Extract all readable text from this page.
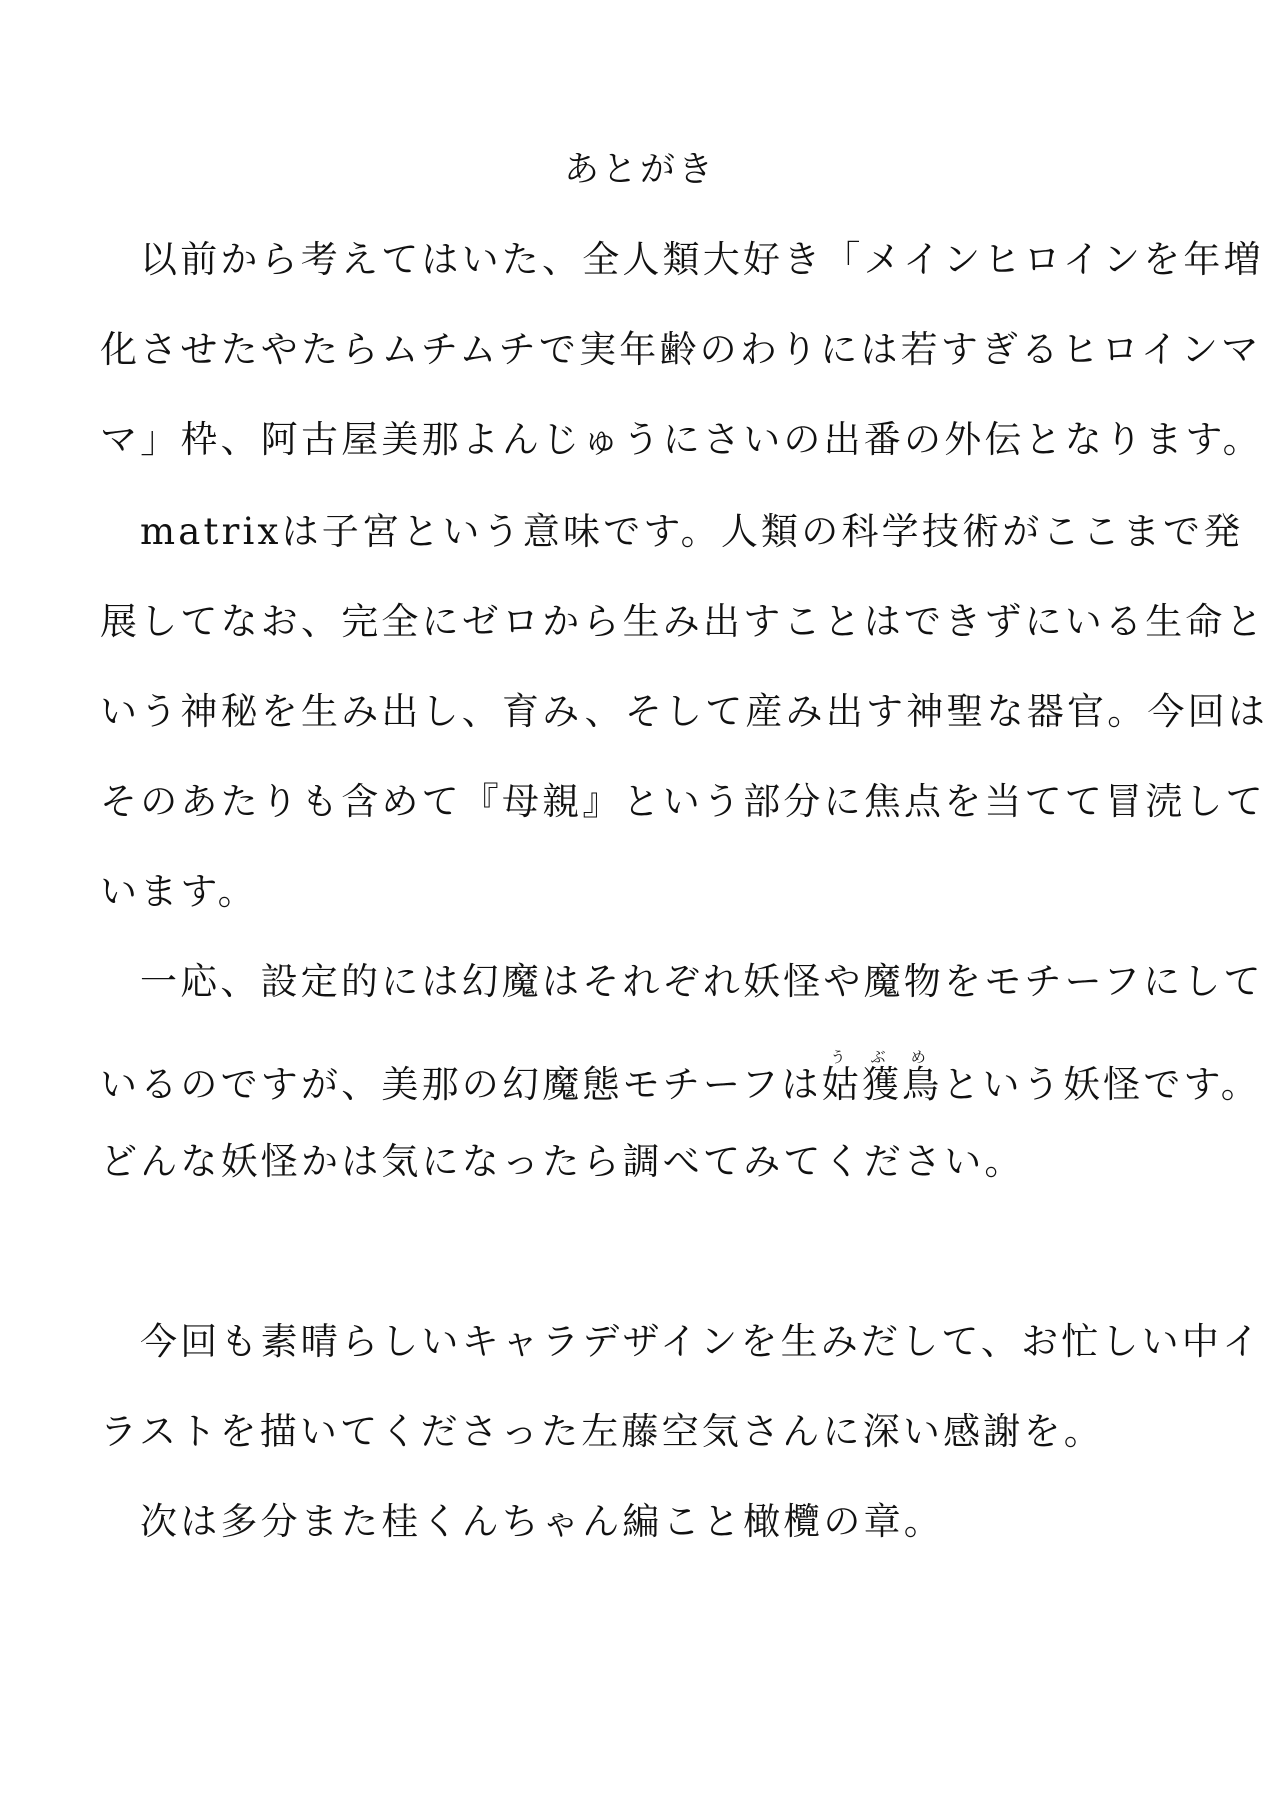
あとがき
以前から考えてはいた、全人類大好き「メインヒロインを年増
化させたやたらムチムチで実年齢のわりには若すぎるヒロインマ
マ」枠、阿古屋美那よんじゅうにさいの出番の外伝となります。
matrixは子宮という意味です。人類の科学技術がここまで発
展してなお、完全にゼロから生み出すことはできずにいる生命と
いう神秘を生み出し、育み、そして産み出す神聖な器官。今回は
そのあたりも含めて『母親』という部分に焦点を当てて冒涜して
います。
一応、設定的には幻魔はそれぞれ妖怪や魔物をモチーフにして
いるのですが、美那の幻魔態モチーフは姑獲鳥うぶめという妖怪です。
どんな妖怪かは気になったら調べてみてください。
今回も素晴らしいキャラデザインを生みだして、お忙しい中イ
ラストを描いてくださった左藤空気さんに深い感謝を。
次は多分また桂くんちゃん編こと橄欖の章。
